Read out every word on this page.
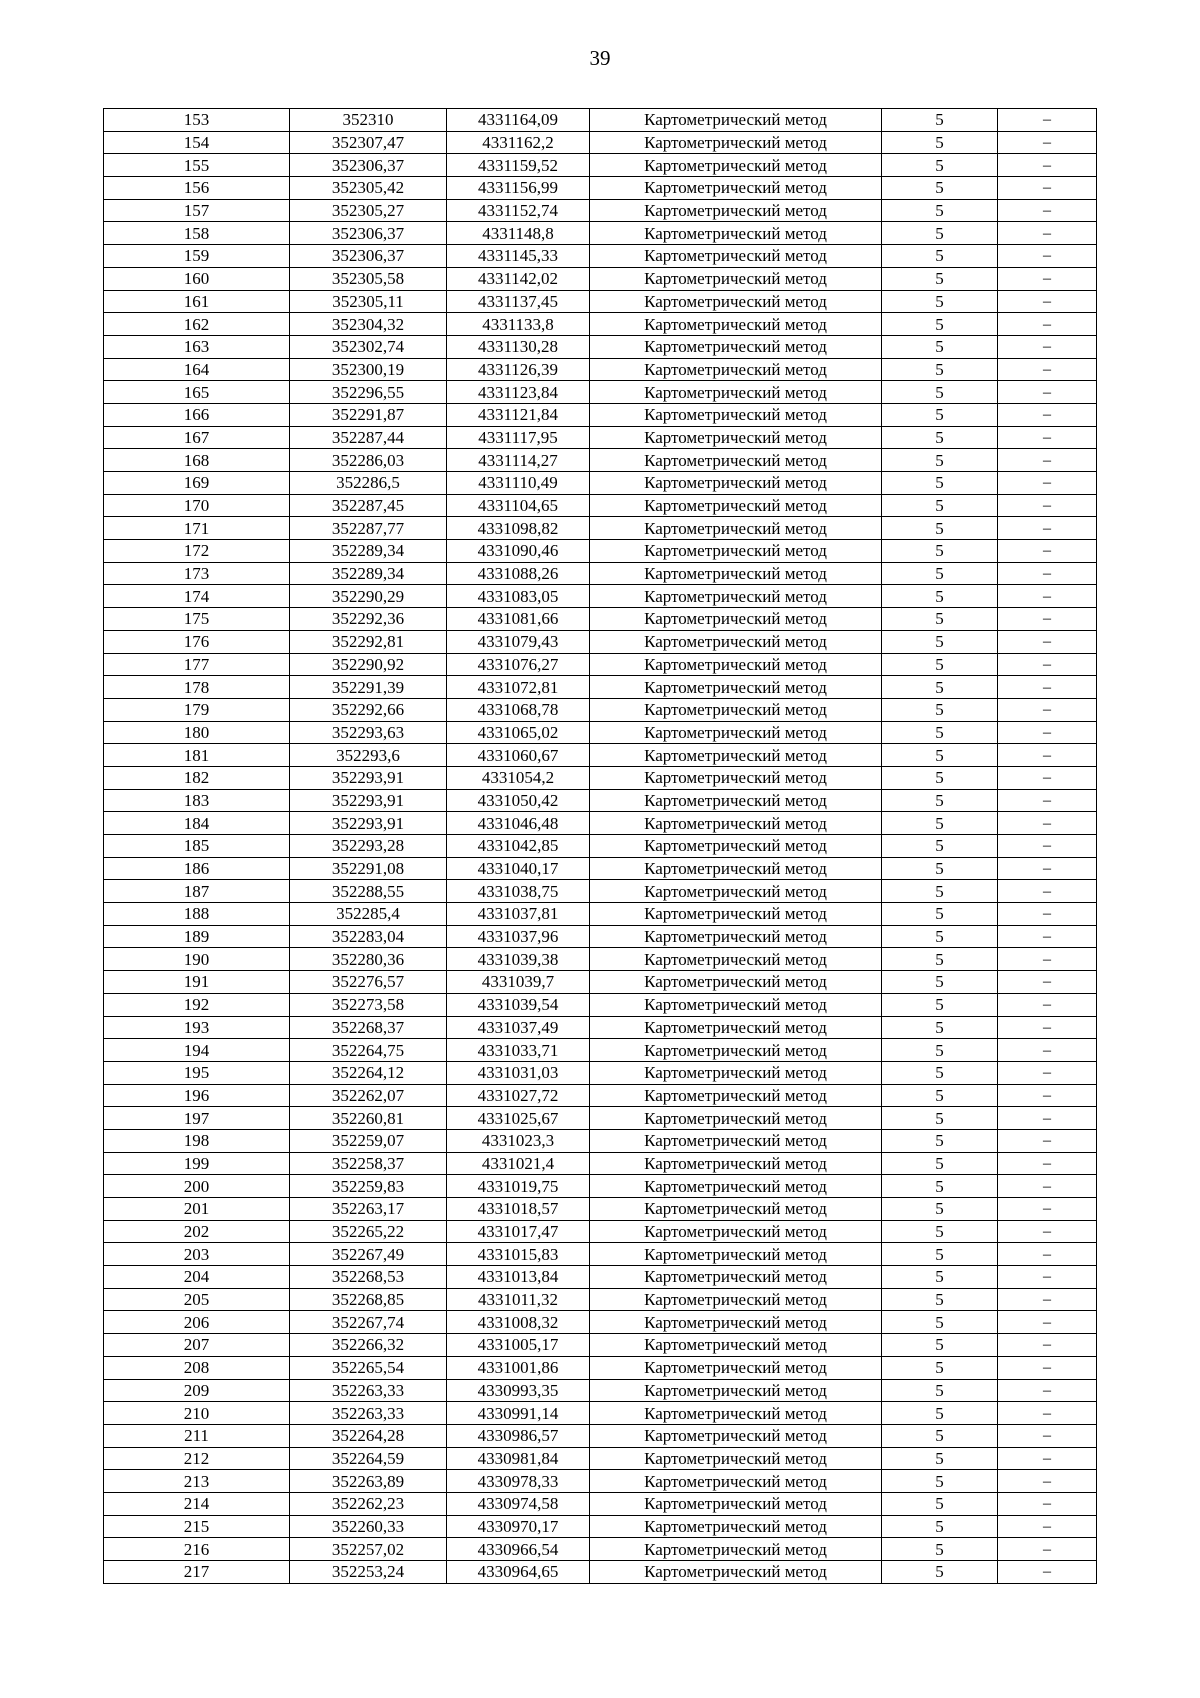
39
153	352310	4331164,09	Картометрический метод	5	–
154	352307,47	4331162,2	Картометрический метод	5	–
155	352306,37	4331159,52	Картометрический метод	5	–
156	352305,42	4331156,99	Картометрический метод	5	–
157	352305,27	4331152,74	Картометрический метод	5	–
158	352306,37	4331148,8	Картометрический метод	5	–
159	352306,37	4331145,33	Картометрический метод	5	–
160	352305,58	4331142,02	Картометрический метод	5	–
161	352305,11	4331137,45	Картометрический метод	5	–
162	352304,32	4331133,8	Картометрический метод	5	–
163	352302,74	4331130,28	Картометрический метод	5	–
164	352300,19	4331126,39	Картометрический метод	5	–
165	352296,55	4331123,84	Картометрический метод	5	–
166	352291,87	4331121,84	Картометрический метод	5	–
167	352287,44	4331117,95	Картометрический метод	5	–
168	352286,03	4331114,27	Картометрический метод	5	–
169	352286,5	4331110,49	Картометрический метод	5	–
170	352287,45	4331104,65	Картометрический метод	5	–
171	352287,77	4331098,82	Картометрический метод	5	–
172	352289,34	4331090,46	Картометрический метод	5	–
173	352289,34	4331088,26	Картометрический метод	5	–
174	352290,29	4331083,05	Картометрический метод	5	–
175	352292,36	4331081,66	Картометрический метод	5	–
176	352292,81	4331079,43	Картометрический метод	5	–
177	352290,92	4331076,27	Картометрический метод	5	–
178	352291,39	4331072,81	Картометрический метод	5	–
179	352292,66	4331068,78	Картометрический метод	5	–
180	352293,63	4331065,02	Картометрический метод	5	–
181	352293,6	4331060,67	Картометрический метод	5	–
182	352293,91	4331054,2	Картометрический метод	5	–
183	352293,91	4331050,42	Картометрический метод	5	–
184	352293,91	4331046,48	Картометрический метод	5	–
185	352293,28	4331042,85	Картометрический метод	5	–
186	352291,08	4331040,17	Картометрический метод	5	–
187	352288,55	4331038,75	Картометрический метод	5	–
188	352285,4	4331037,81	Картометрический метод	5	–
189	352283,04	4331037,96	Картометрический метод	5	–
190	352280,36	4331039,38	Картометрический метод	5	–
191	352276,57	4331039,7	Картометрический метод	5	–
192	352273,58	4331039,54	Картометрический метод	5	–
193	352268,37	4331037,49	Картометрический метод	5	–
194	352264,75	4331033,71	Картометрический метод	5	–
195	352264,12	4331031,03	Картометрический метод	5	–
196	352262,07	4331027,72	Картометрический метод	5	–
197	352260,81	4331025,67	Картометрический метод	5	–
198	352259,07	4331023,3	Картометрический метод	5	–
199	352258,37	4331021,4	Картометрический метод	5	–
200	352259,83	4331019,75	Картометрический метод	5	–
201	352263,17	4331018,57	Картометрический метод	5	–
202	352265,22	4331017,47	Картометрический метод	5	–
203	352267,49	4331015,83	Картометрический метод	5	–
204	352268,53	4331013,84	Картометрический метод	5	–
205	352268,85	4331011,32	Картометрический метод	5	–
206	352267,74	4331008,32	Картометрический метод	5	–
207	352266,32	4331005,17	Картометрический метод	5	–
208	352265,54	4331001,86	Картометрический метод	5	–
209	352263,33	4330993,35	Картометрический метод	5	–
210	352263,33	4330991,14	Картометрический метод	5	–
211	352264,28	4330986,57	Картометрический метод	5	–
212	352264,59	4330981,84	Картометрический метод	5	–
213	352263,89	4330978,33	Картометрический метод	5	–
214	352262,23	4330974,58	Картометрический метод	5	–
215	352260,33	4330970,17	Картометрический метод	5	–
216	352257,02	4330966,54	Картометрический метод	5	–
217	352253,24	4330964,65	Картометрический метод	5	–
